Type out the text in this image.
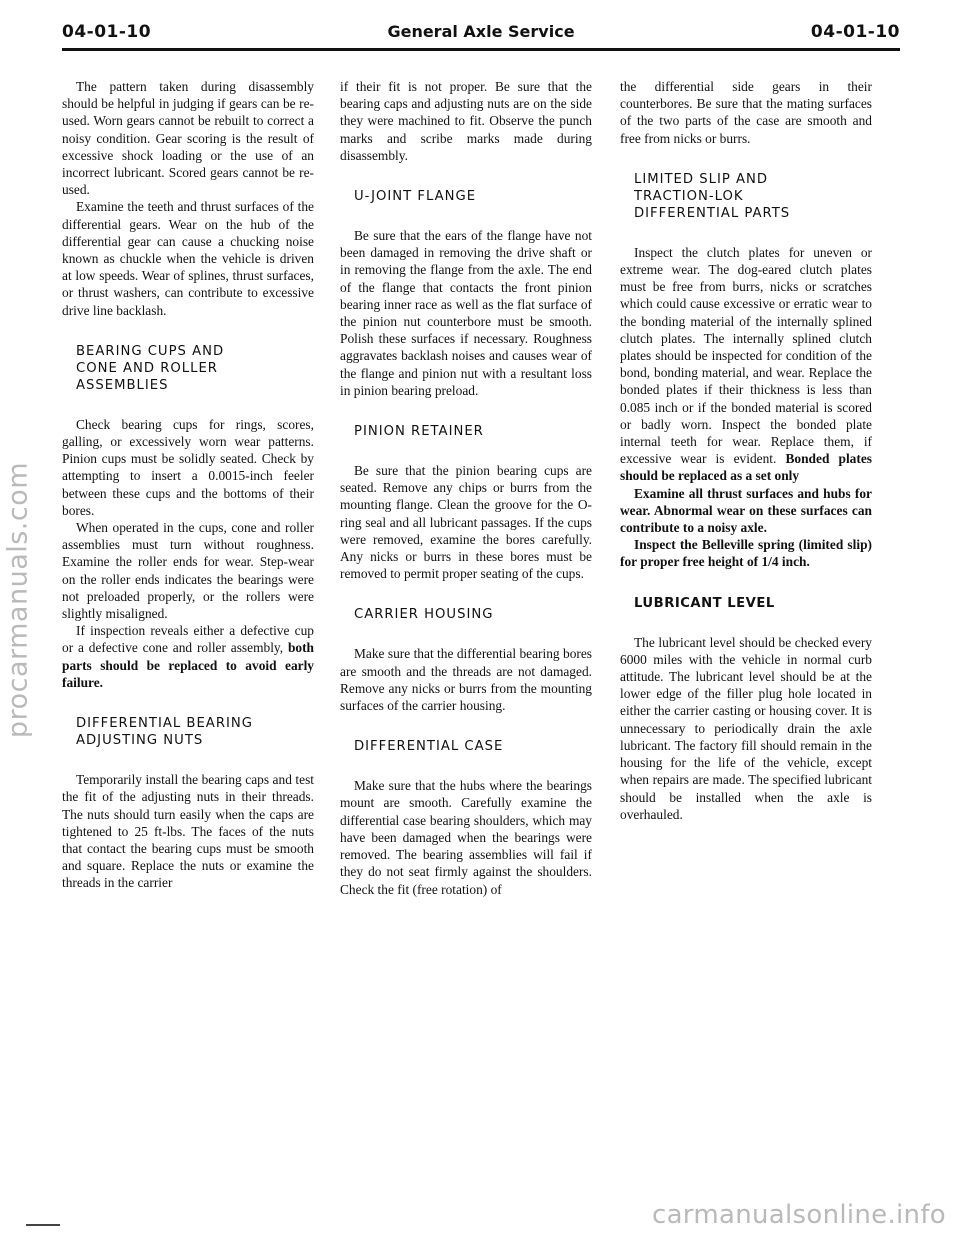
04-01-10	General Axle Service	04-01-10

The pattern taken during disassembly should be helpful in judging if gears can be re-used. Worn gears cannot be rebuilt to correct a noisy condition. Gear scoring is the result of excessive shock loading or the use of an incorrect lubricant. Scored gears cannot be re-used.

Examine the teeth and thrust surfaces of the differential gears. Wear on the hub of the differential gear can cause a chucking noise known as chuckle when the vehicle is driven at low speeds. Wear of splines, thrust surfaces, or thrust washers, can contribute to excessive drive line backlash.

BEARING CUPS AND
CONE AND ROLLER
ASSEMBLIES

Check bearing cups for rings, scores, galling, or excessively worn wear patterns. Pinion cups must be solidly seated. Check by attempting to insert a 0.0015-inch feeler between these cups and the bottoms of their bores.

When operated in the cups, cone and roller assemblies must turn without roughness. Examine the roller ends for wear. Step-wear on the roller ends indicates the bearings were not preloaded properly, or the rollers were slightly misaligned.

If inspection reveals either a defective cup or a defective cone and roller assembly, both parts should be replaced to avoid early failure.

DIFFERENTIAL BEARING
ADJUSTING NUTS

Temporarily install the bearing caps and test the fit of the adjusting nuts in their threads. The nuts should turn easily when the caps are tightened to 25 ft-lbs. The faces of the nuts that contact the bearing cups must be smooth and square. Replace the nuts or examine the threads in the carrier

if their fit is not proper. Be sure that the bearing caps and adjusting nuts are on the side they were machined to fit. Observe the punch marks and scribe marks made during disassembly.

U-JOINT FLANGE

Be sure that the ears of the flange have not been damaged in removing the drive shaft or in removing the flange from the axle. The end of the flange that contacts the front pinion bearing inner race as well as the flat surface of the pinion nut counterbore must be smooth. Polish these surfaces if necessary. Roughness aggravates backlash noises and causes wear of the flange and pinion nut with a resultant loss in pinion bearing preload.

PINION RETAINER

Be sure that the pinion bearing cups are seated. Remove any chips or burrs from the mounting flange. Clean the groove for the O-ring seal and all lubricant passages. If the cups were removed, examine the bores carefully. Any nicks or burrs in these bores must be removed to permit proper seating of the cups.

CARRIER HOUSING

Make sure that the differential bearing bores are smooth and the threads are not damaged. Remove any nicks or burrs from the mounting surfaces of the carrier housing.

DIFFERENTIAL CASE

Make sure that the hubs where the bearings mount are smooth. Carefully examine the differential case bearing shoulders, which may have been damaged when the bearings were removed. The bearing assemblies will fail if they do not seat firmly against the shoulders. Check the fit (free rotation) of

the differential side gears in their counterbores. Be sure that the mating surfaces of the two parts of the case are smooth and free from nicks or burrs.

LIMITED SLIP AND
TRACTION-LOK
DIFFERENTIAL PARTS

Inspect the clutch plates for uneven or extreme wear. The dog-eared clutch plates must be free from burrs, nicks or scratches which could cause excessive or erratic wear to the bonding material of the internally splined clutch plates. The internally splined clutch plates should be inspected for condition of the bond, bonding material, and wear. Replace the bonded plates if their thickness is less than 0.085 inch or if the bonded material is scored or badly worn. Inspect the bonded plate internal teeth for wear. Replace them, if excessive wear is evident. Bonded plates should be replaced as a set only

Examine all thrust surfaces and hubs for wear. Abnormal wear on these surfaces can contribute to a noisy axle.

Inspect the Belleville spring (limited slip) for proper free height of 1/4 inch.

LUBRICANT LEVEL

The lubricant level should be checked every 6000 miles with the vehicle in normal curb attitude. The lubricant level should be at the lower edge of the filler plug hole located in either the carrier casting or housing cover. It is unnecessary to periodically drain the axle lubricant. The factory fill should remain in the housing for the life of the vehicle, except when repairs are made. The specified lubricant should be installed when the axle is overhauled.

procarmanuals.com
carmanualsonline.info
